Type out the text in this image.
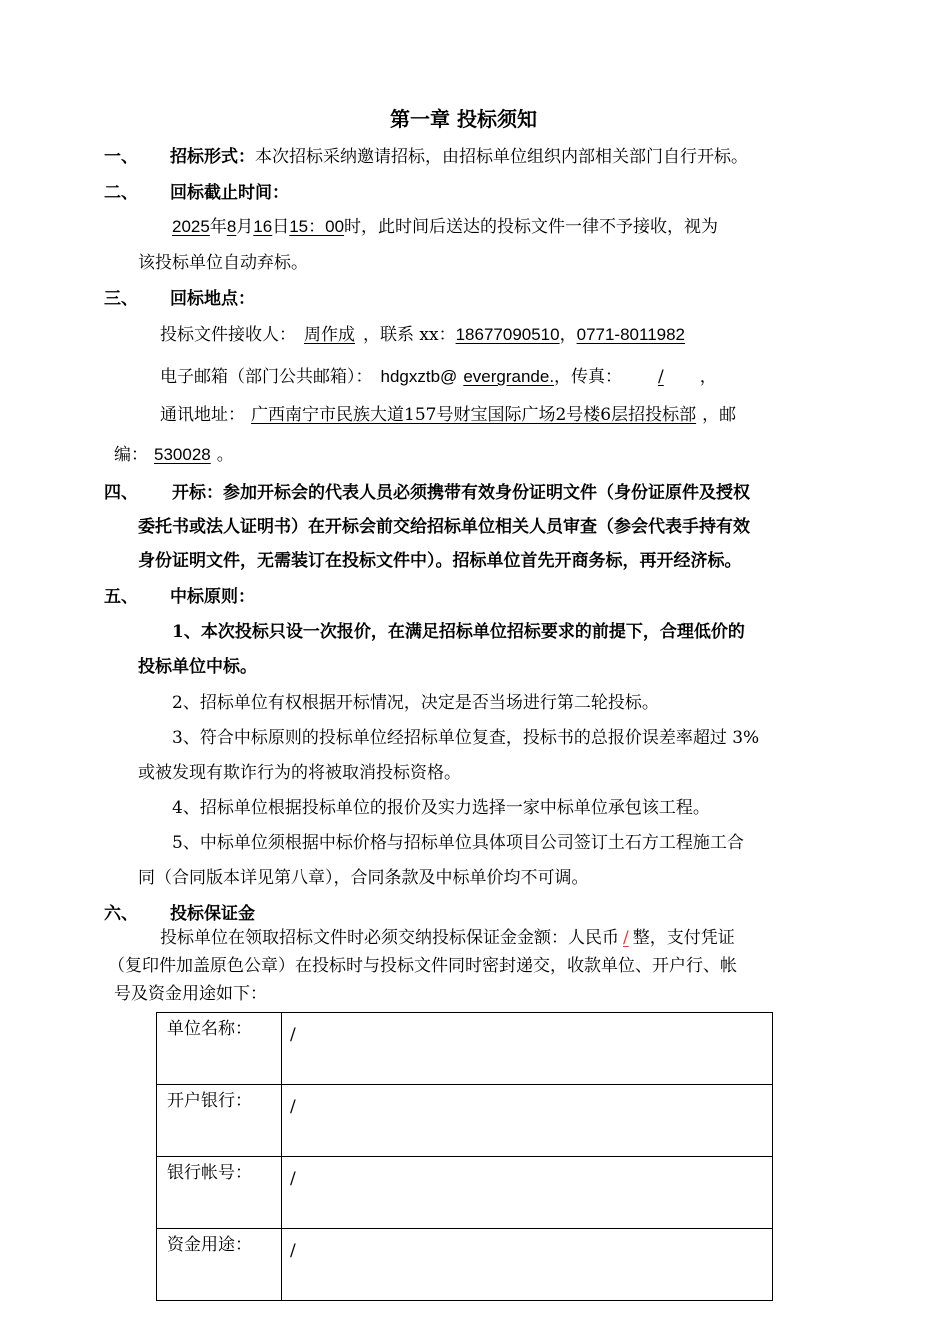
第一章 投标须知
一、 招标形式：本次招标采纳邀请招标，由招标单位组织内部相关部门自行开标。
二、 回标截止时间：
2025年8月16日15：00时，此时间后送达的投标文件一律不予接收，视为
该投标单位自动弃标。
三、 回标地点：
投标文件接收人： 周作成 ，联系 xx：18677090510，0771-8011982
电子邮箱（部门公共邮箱）： hdgxztb@ evergrande.，传真： / ，
通讯地址： 广西南宁市民族大道157号财宝国际广场2号楼6层招投标部 ，邮
编： 530028 。
四、 开标：参加开标会的代表人员必须携带有效身份证明文件（身份证原件及授权
委托书或法人证明书）在开标会前交给招标单位相关人员审查（参会代表手持有效
身份证明文件，无需装订在投标文件中）。招标单位首先开商务标，再开经济标。
五、 中标原则：
1、本次投标只设一次报价，在满足招标单位招标要求的前提下，合理低价的
投标单位中标。
2、招标单位有权根据开标情况，决定是否当场进行第二轮投标。
3、符合中标原则的投标单位经招标单位复查，投标书的总报价误差率超过 3%
或被发现有欺诈行为的将被取消投标资格。
4、招标单位根据投标单位的报价及实力选择一家中标单位承包该工程。
5、中标单位须根据中标价格与招标单位具体项目公司签订土石方工程施工合
同（合同版本详见第八章），合同条款及中标单价均不可调。
六、 投标保证金
投标单位在领取招标文件时必须交纳投标保证金金额：人民币 / 整，支付凭证
（复印件加盖原色公章）在投标时与投标文件同时密封递交，收款单位、开户行、帐
号及资金用途如下：
单位名称：	/
开户银行：	/
银行帐号：	/
资金用途：	/
